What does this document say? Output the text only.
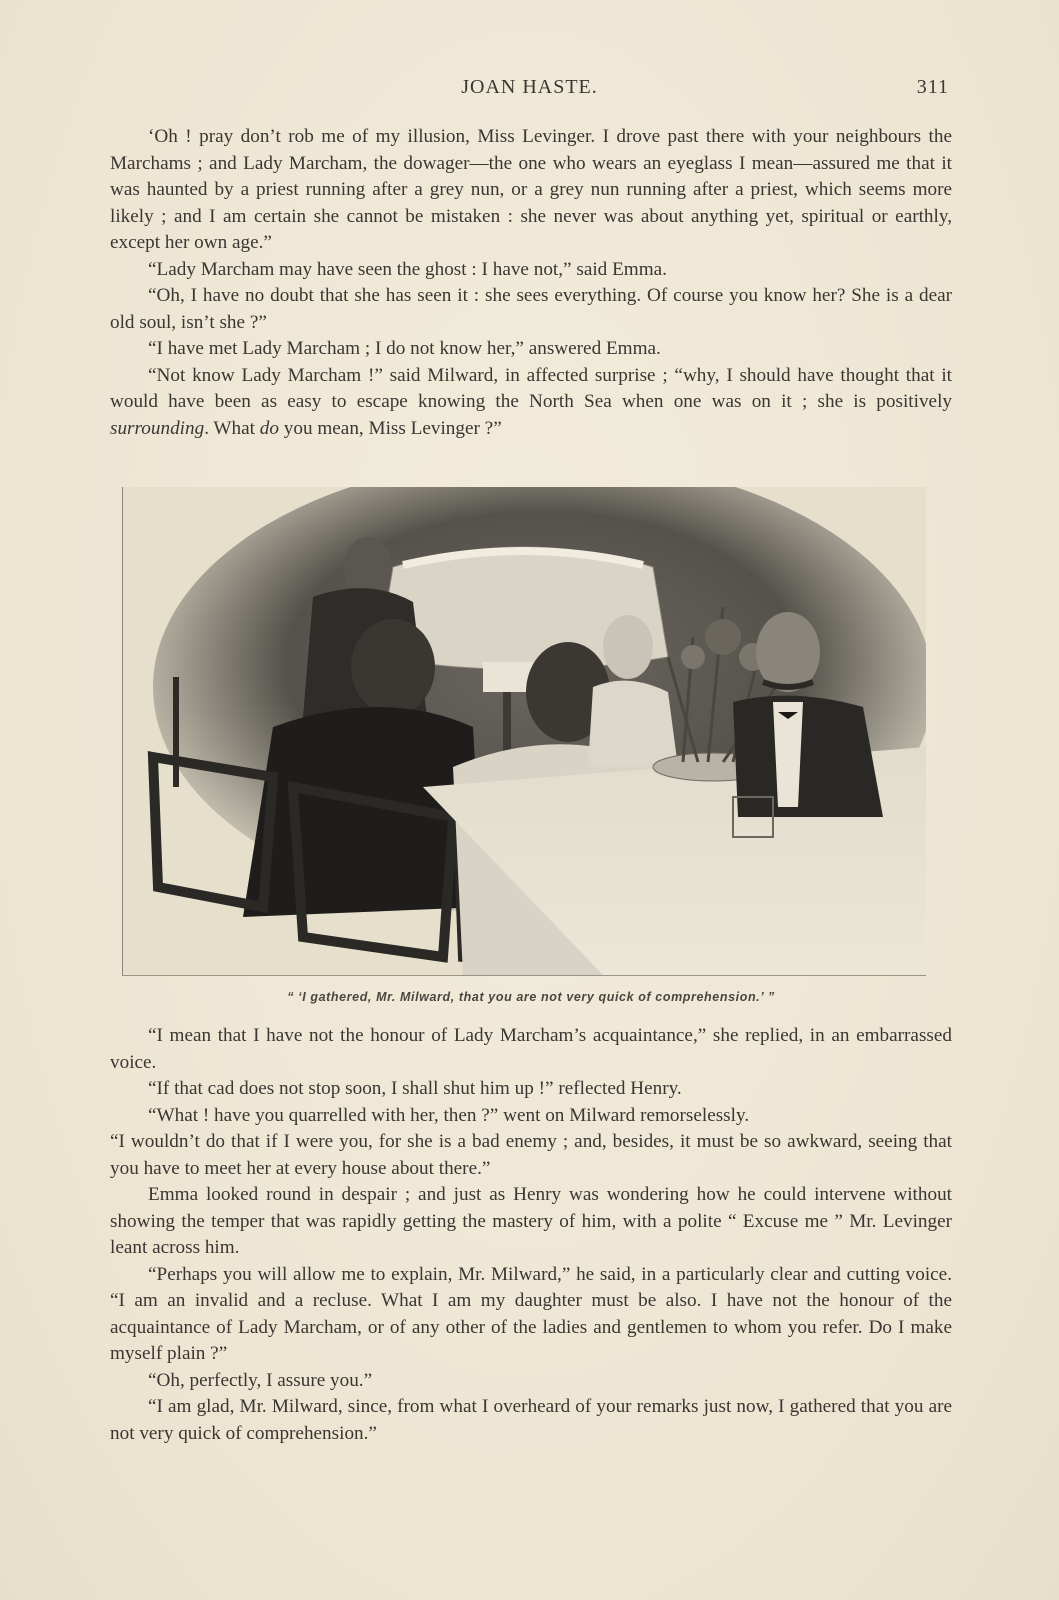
JOAN HASTE.	311

‘Oh ! pray don’t rob me of my illusion, Miss Levinger. I drove past there with your neighbours the Marchams ; and Lady Marcham, the dowager—the one who wears an eyeglass I mean—assured me that it was haunted by a priest running after a grey nun, or a grey nun running after a priest, which seems more likely ; and I am certain she cannot be mistaken : she never was about anything yet, spiritual or earthly, except her own age.”

“Lady Marcham may have seen the ghost : I have not,” said Emma.

“Oh, I have no doubt that she has seen it : she sees everything. Of course you know her? She is a dear old soul, isn’t she ?”

“I have met Lady Marcham ; I do not know her,” answered Emma.

“Not know Lady Marcham !” said Milward, in affected surprise ; “why, I should have thought that it would have been as easy to escape knowing the North Sea when one was on it ; she is positively surrounding. What do you mean, Miss Levinger ?”

“ ‘I gathered, Mr. Milward, that you are not very quick of comprehension.’ ”

“I mean that I have not the honour of Lady Marcham’s acquaintance,” she replied, in an embarrassed voice.

“If that cad does not stop soon, I shall shut him up !” reflected Henry.

“What ! have you quarrelled with her, then ?” went on Milward remorselessly.

“I wouldn’t do that if I were you, for she is a bad enemy ; and, besides, it must be so awkward, seeing that you have to meet her at every house about there.”

Emma looked round in despair ; and just as Henry was wondering how he could intervene without showing the temper that was rapidly getting the mastery of him, with a polite “ Excuse me ” Mr. Levinger leant across him.

“Perhaps you will allow me to explain, Mr. Milward,” he said, in a particularly clear and cutting voice. “I am an invalid and a recluse. What I am my daughter must be also. I have not the honour of the acquaintance of Lady Marcham, or of any other of the ladies and gentlemen to whom you refer. Do I make myself plain ?”

“Oh, perfectly, I assure you.”

“I am glad, Mr. Milward, since, from what I overheard of your remarks just now, I gathered that you are not very quick of comprehension.”
